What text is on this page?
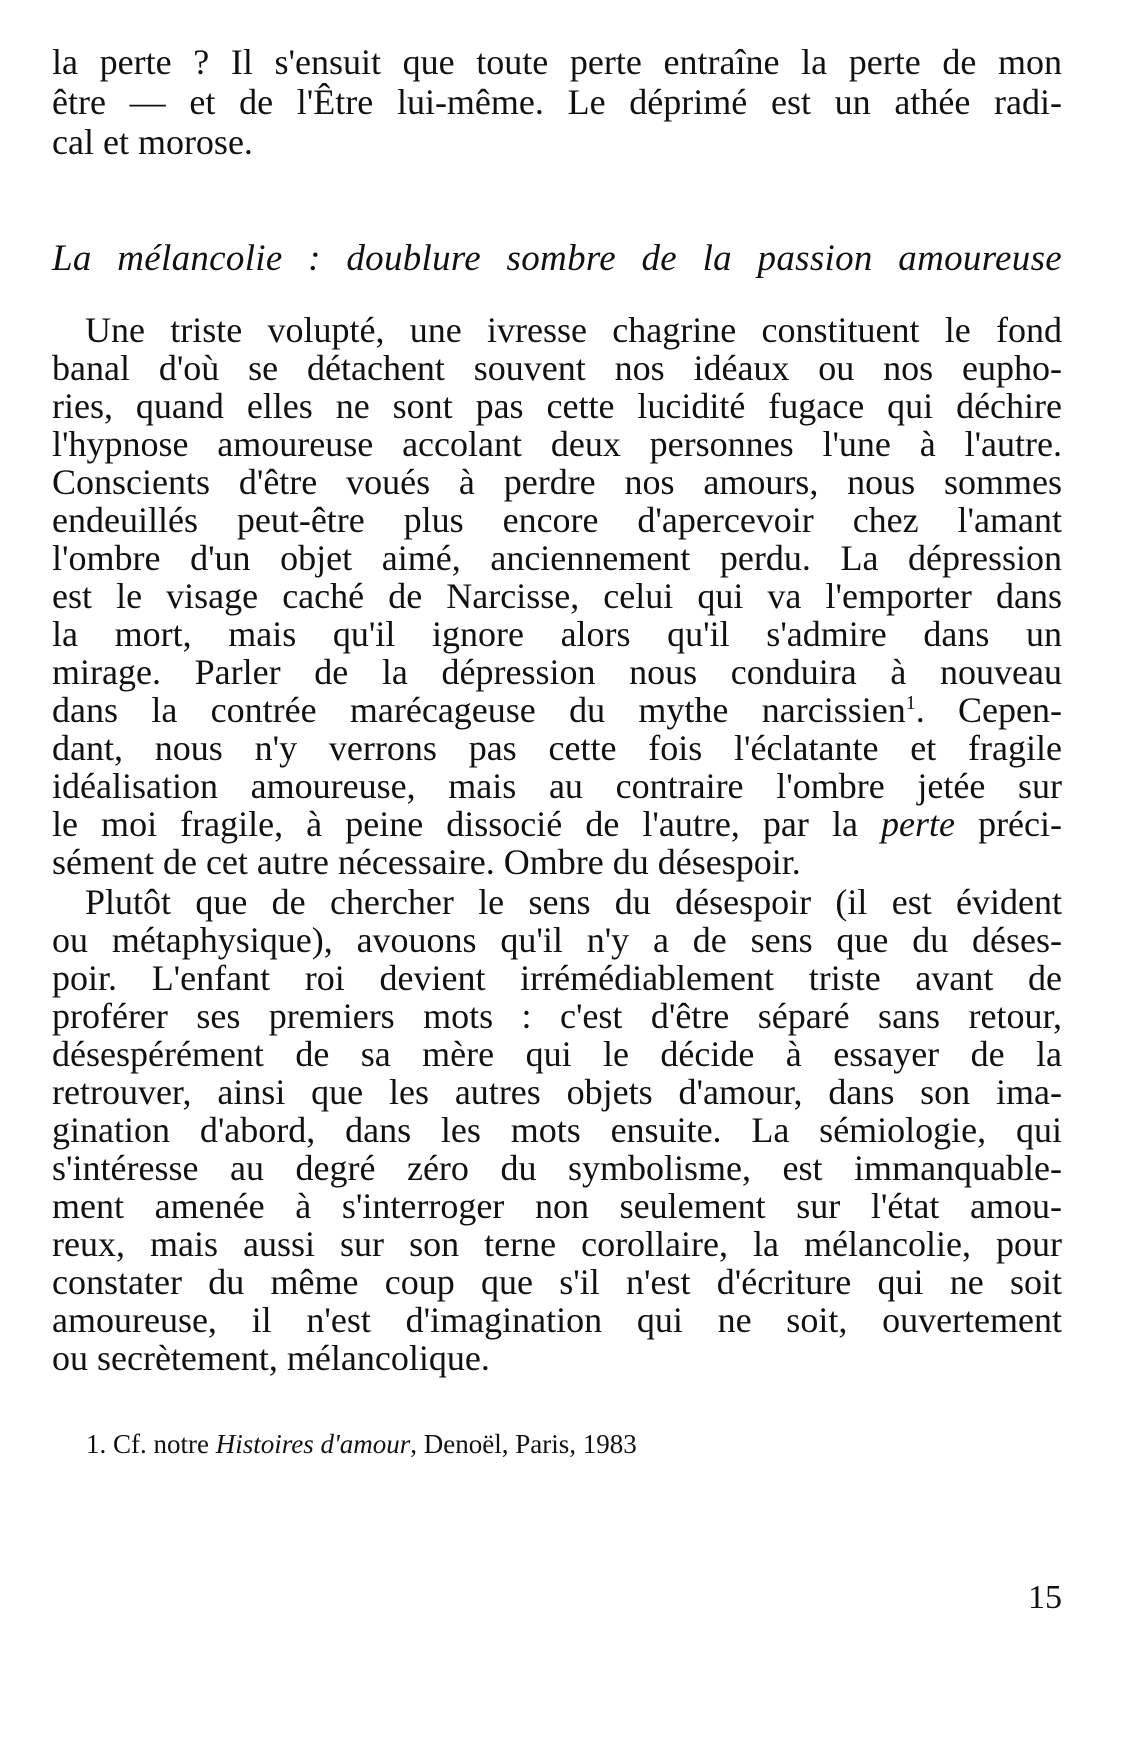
la perte ? Il s'ensuit que toute perte entraîne la perte de mon
être — et de l'Être lui-même. Le déprimé est un athée radi-
cal et morose.
La mélancolie : doublure sombre de la passion amoureuse
Une triste volupté, une ivresse chagrine constituent le fond
banal d'où se détachent souvent nos idéaux ou nos eupho-
ries, quand elles ne sont pas cette lucidité fugace qui déchire
l'hypnose amoureuse accolant deux personnes l'une à l'autre.
Conscients d'être voués à perdre nos amours, nous sommes
endeuillés peut-être plus encore d'apercevoir chez l'amant
l'ombre d'un objet aimé, anciennement perdu. La dépression
est le visage caché de Narcisse, celui qui va l'emporter dans
la mort, mais qu'il ignore alors qu'il s'admire dans un
mirage. Parler de la dépression nous conduira à nouveau
dans la contrée marécageuse du mythe narcissien$^1$. Cepen-
dant, nous n'y verrons pas cette fois l'éclatante et fragile
idéalisation amoureuse, mais au contraire l'ombre jetée sur
le moi fragile, à peine dissocié de l'autre, par la perte préci-
sément de cet autre nécessaire. Ombre du désespoir.
Plutôt que de chercher le sens du désespoir (il est évident
ou métaphysique), avouons qu'il n'y a de sens que du déses-
poir. L'enfant roi devient irrémédiablement triste avant de
proférer ses premiers mots : c'est d'être séparé sans retour,
désespérément de sa mère qui le décide à essayer de la
retrouver, ainsi que les autres objets d'amour, dans son ima-
gination d'abord, dans les mots ensuite. La sémiologie, qui
s'intéresse au degré zéro du symbolisme, est immanquable-
ment amenée à s'interroger non seulement sur l'état amou-
reux, mais aussi sur son terne corollaire, la mélancolie, pour
constater du même coup que s'il n'est d'écriture qui ne soit
amoureuse, il n'est d'imagination qui ne soit, ouvertement
ou secrètement, mélancolique.
1. Cf. notre Histoires d'amour, Denoël, Paris, 1983
15
